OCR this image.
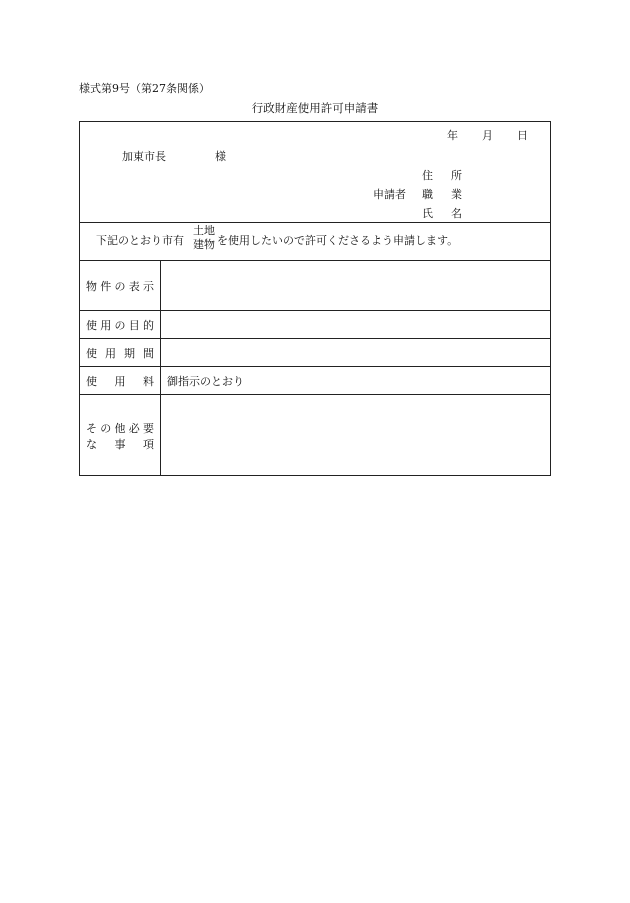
様式第9号（第27条関係）
行政財産使用許可申請書
年 月 日
加東市長	様
住 所
申請者 職 業
氏 名
下記のとおり市有
土地
建物 を使用したいので許可くださるよう申請します。
物 件 の 表 示
使 用 の 目 的
使 用 期 間
使 用 料 御指示のとおり
そ の 他 必 要
な 事 項
